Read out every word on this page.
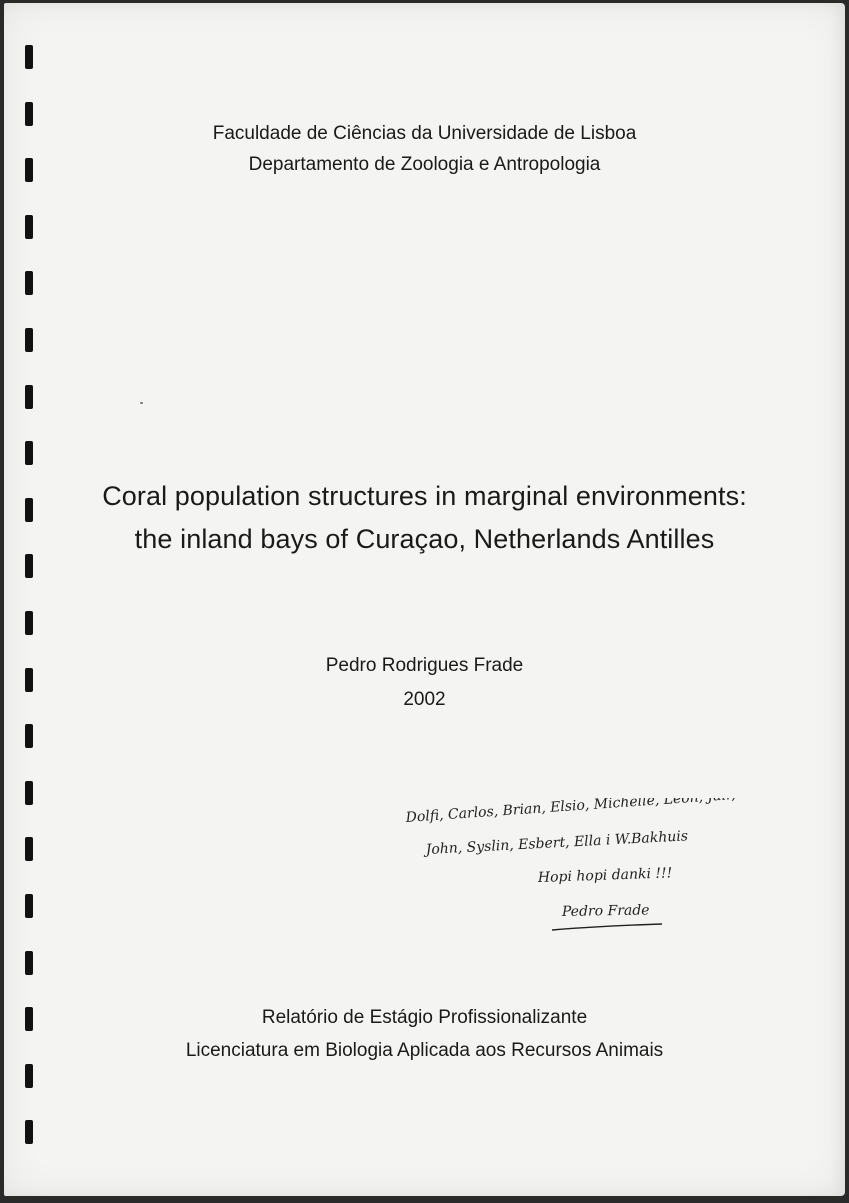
Faculdade de Ciências da Universidade de Lisboa
Departamento de Zoologia e Antropologia
Coral population structures in marginal environments:
the inland bays of Curaçao, Netherlands Antilles
Pedro Rodrigues Frade
2002
Dolfi, Carlos, Brian, Elsio, Michelle, Léon, Jair,
John, Syslin, Esbert, Ella i W.Bakhuis
Hopi hopi danki !!!
Pedro Frade
Relatório de Estágio Profissionalizante
Licenciatura em Biologia Aplicada aos Recursos Animais
